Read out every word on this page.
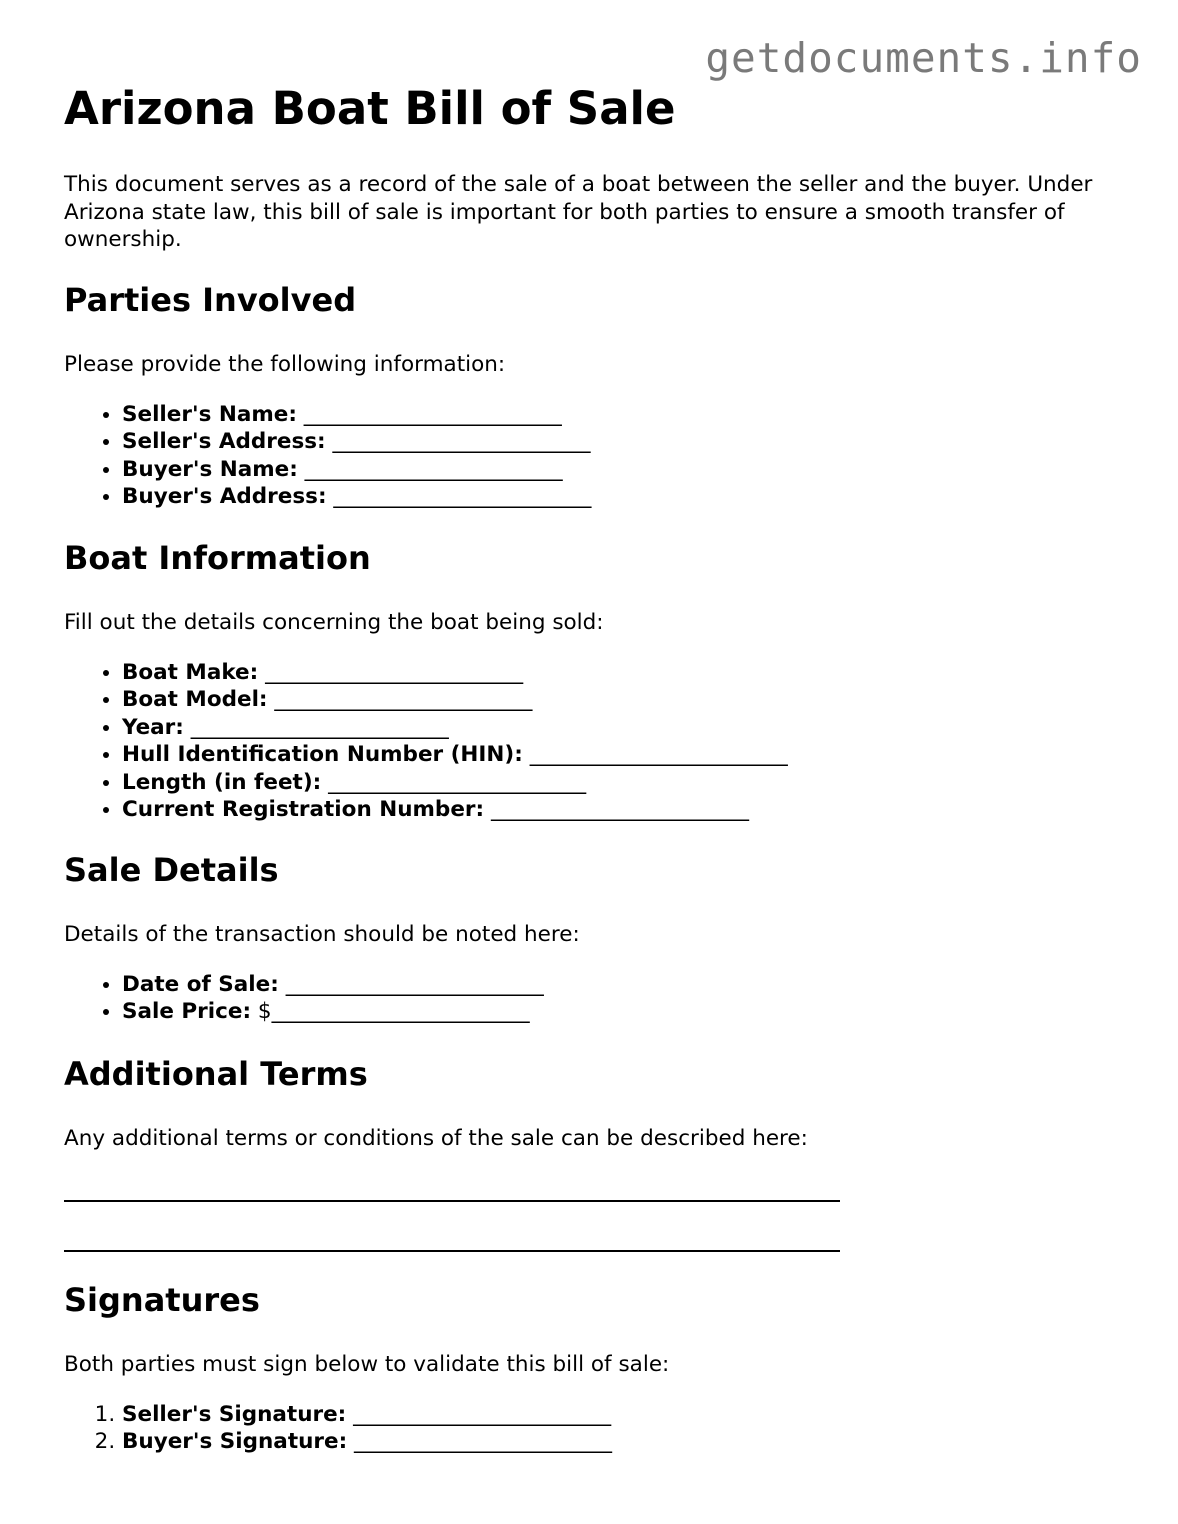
getdocuments.info
Arizona Boat Bill of Sale

This document serves as a record of the sale of a boat between the seller and the buyer. Under Arizona state law, this bill of sale is important for both parties to ensure a smooth transfer of ownership.

Parties Involved

Please provide the following information:

• Seller's Name: ________________________
• Seller's Address: ________________________
• Buyer's Name: ________________________
• Buyer's Address: ________________________
Boat Information

Fill out the details concerning the boat being sold:

• Boat Make: ________________________
• Boat Model: ________________________
• Year: ________________________
• Hull Identification Number (HIN): ________________________
• Length (in feet): ________________________
• Current Registration Number: ________________________
Sale Details

Details of the transaction should be noted here:

• Date of Sale: ________________________
• Sale Price: $________________________
Additional Terms

Any additional terms or conditions of the sale can be described here:

Signatures

Both parties must sign below to validate this bill of sale:

1. Seller's Signature: ________________________
2. Buyer's Signature: ________________________
